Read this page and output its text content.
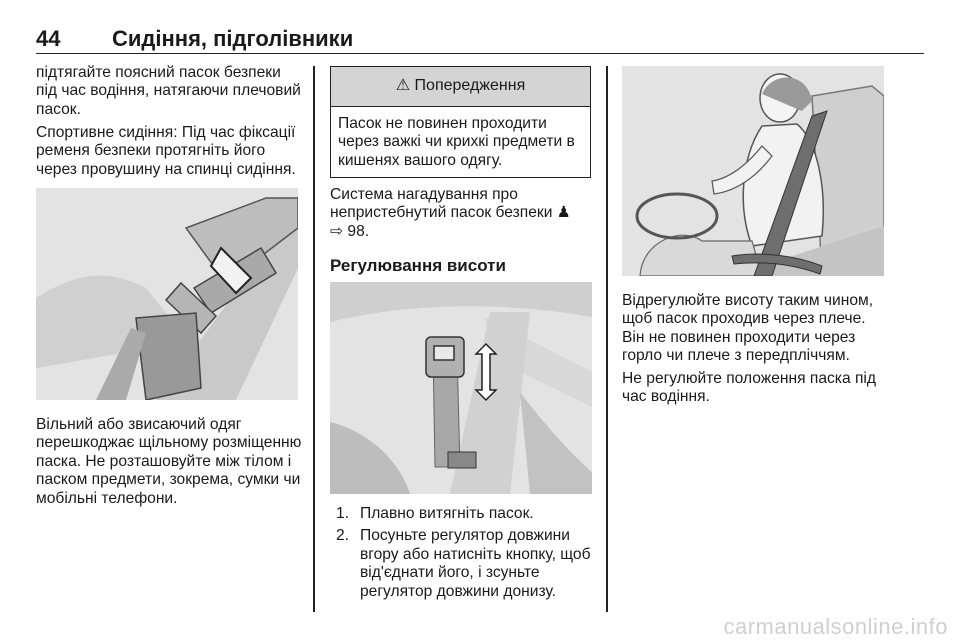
44 Сидіння, підголівники
підтягайте поясний пасок безпеки під час водіння, натягаючи плечовий пасок.
Спортивне сидіння: Під час фіксації ременя безпеки протягніть його через провушину на спинці сидіння.
Вільний або звисаючий одяг перешкоджає щільному розміщенню паска. Не розташовуйте між тілом і паском предмети, зокрема, сумки чи мобільні телефони.
⚠ Попередження
Пасок не повинен проходити через важкі чи крихкі предмети в кишенях вашого одягу.
Система нагадування про непристебнутий пасок безпеки ♟
⇨ 98.
Регулювання висоти
1. Плавно витягніть пасок.
2. Посуньте регулятор довжини вгору або натисніть кнопку, щоб від'єднати його, і зсуньте регулятор довжини донизу.
Відрегулюйте висоту таким чином, щоб пасок проходив через плече. Він не повинен проходити через горло чи плече з передпліччям.
Не регулюйте положення паска під час водіння.
carmanualsonline.info
